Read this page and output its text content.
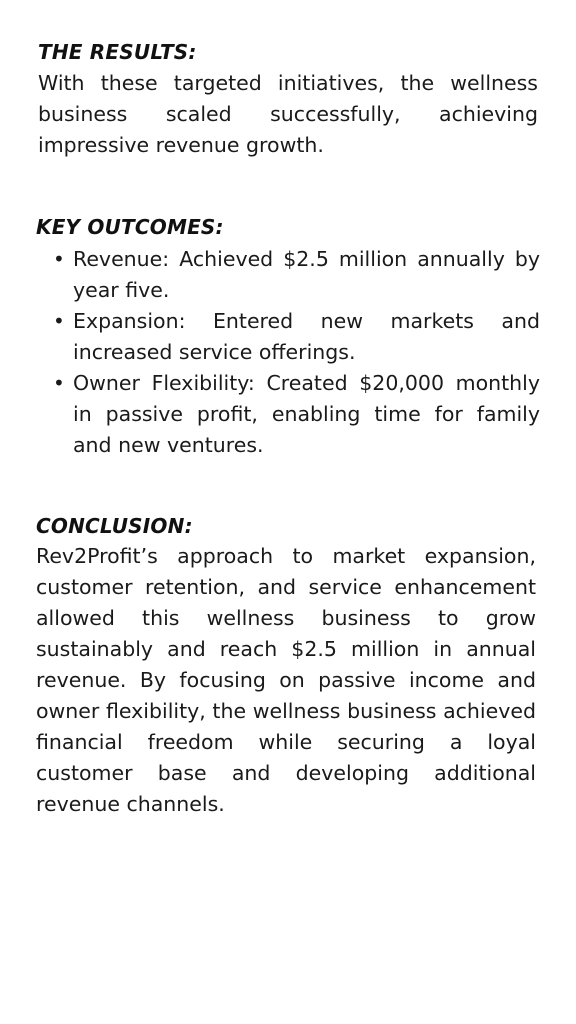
THE RESULTS:

With these targeted initiatives, the wellness business scaled successfully, achieving impressive revenue growth.

KEY OUTCOMES:
• Revenue: Achieved $2.5 million annually by year five.
• Expansion: Entered new markets and increased service offerings.
• Owner Flexibility: Created $20,000 monthly in passive profit, enabling time for family and new ventures.
CONCLUSION:

Rev2Profit’s approach to market expansion, customer retention, and service enhancement allowed this wellness business to grow sustainably and reach $2.5 million in annual revenue. By focusing on passive income and owner flexibility, the wellness business achieved financial freedom while securing a loyal customer base and developing additional revenue channels.
